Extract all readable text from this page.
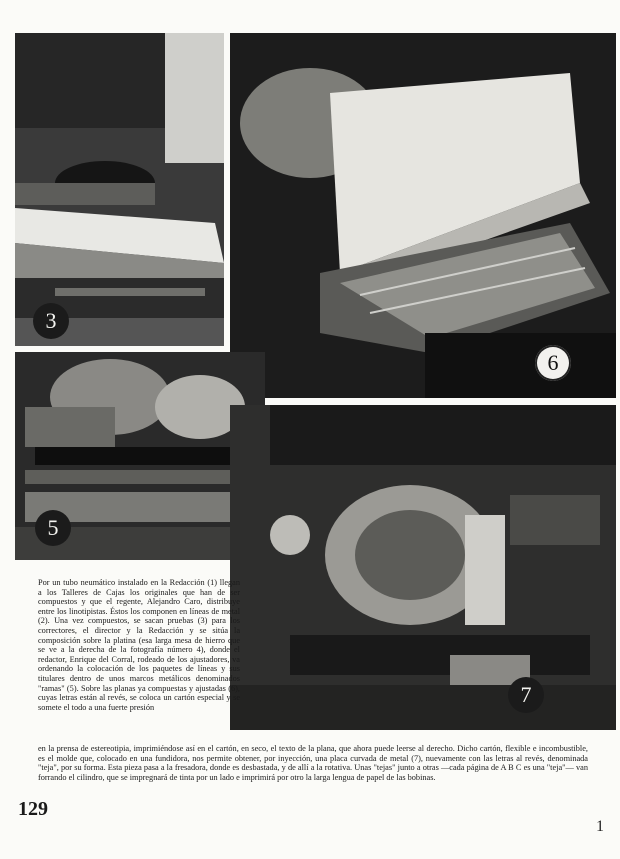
3
6
5
7

Por un tubo neumático instalado en la Redacción (1) llegan a los Talleres de Cajas los originales que han de ser compuestos y que el regente, Alejandro Caro, distribuye entre los linotipistas. Éstos los componen en líneas de metal (2). Una vez compuestos, se sacan pruebas (3) para los correctores, el director y la Redacción y se sitúa la composición sobre la platina (esa larga mesa de hierro que se ve a la derecha de la fotografía número 4), donde el redactor, Enrique del Corral, rodeado de los ajustadores, va ordenando la colocación de los paquetes de líneas y sus titulares dentro de unos marcos metálicos denominados "ramas" (5). Sobre las planas ya compuestas y ajustadas (6), cuyas letras están al revés, se coloca un cartón especial y se somete el todo a una fuerte presión

en la prensa de estereotipia, imprimiéndose así en el cartón, en seco, el texto de la plana, que ahora puede leerse al derecho. Dicho cartón, flexible e incombustible, es el molde que, colocado en una fundidora, nos permite obtener, por inyección, una placa curvada de metal (7), nuevamente con las letras al revés, denominada "teja", por su forma. Esta pieza pasa a la fresadora, donde es desbastada, y de allí a la rotativa. Unas "tejas" junto a otras —cada página de A B C es una "teja"— van forrando el cilindro, que se impregnará de tinta por un lado e imprimirá por otro la larga lengua de papel de las bobinas.

129
1
